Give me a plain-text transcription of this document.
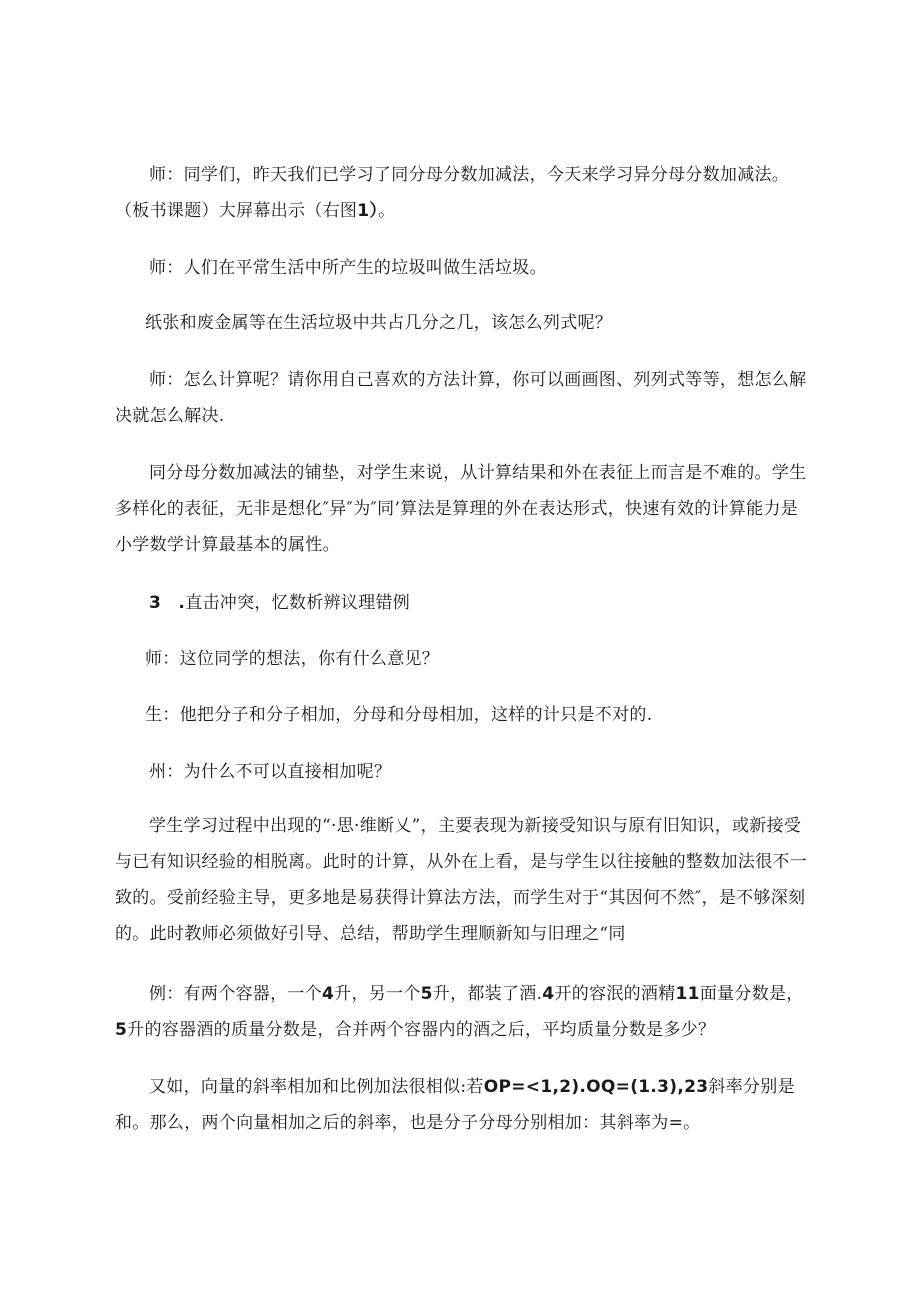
师：同学们，昨天我们已学习了同分母分数加减法，今天来学习异分母分数加减法。（板书课题）大屏幕出示（右图1）。

师：人们在平常生活中所产生的垃圾叫做生活垃圾。

纸张和废金属等在生活垃圾中共占几分之几，该怎么列式呢？

师：怎么计算呢？请你用自己喜欢的方法计算，你可以画画图、列列式等等，想怎么解决就怎么解决.

同分母分数加减法的铺垫，对学生来说，从计算结果和外在表征上而言是不难的。学生多样化的表征，无非是想化″异″为″同’算法是算理的外在表达形式，快速有效的计算能力是小学数学计算最基本的属性。

3　.直击冲突，忆数析辨议理错例

师：这位同学的想法，你有什么意见？

生：他把分子和分子相加，分母和分母相加，这样的计只是不对的.

州：为什么不可以直接相加呢？

学生学习过程中出现的“·思·维断乂”，主要表现为新接受知识与原有旧知识，或新接受与已有知识经验的相脱离。此时的计算，从外在上看，是与学生以往接触的整数加法很不一致的。受前经验主导，更多地是易获得计算法方法，而学生对于“其因何不然″，是不够深刻的。此时教师必须做好引导、总结，帮助学生理顺新知与旧理之“同

例：有两个容器，一个4升，另一个5升，都装了酒.4开的容泯的酒精11面量分数是，5升的容器酒的质量分数是，合并两个容器内的酒之后，平均质量分数是多少？

又如，向量的斜率相加和比例加法很相似:若OP=<1,2).OQ=(1.3),23斜率分别是和。那么，两个向量相加之后的斜率，也是分子分母分别相加：其斜率为=。
